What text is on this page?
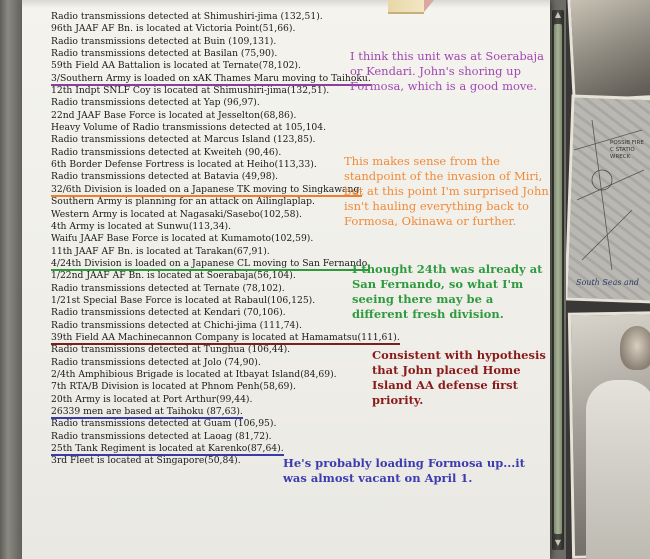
Radio transmissions detected at Shimushiri-jima (132,51).
96th JAAF AF Bn. is located at Victoria Point(51,66).
Radio transmissions detected at Buin (109,131).
Radio transmissions detected at Basilan (75,90).
59th Field AA Battalion is located at Ternate(78,102).
3/Southern Army is loaded on xAK Thames Maru moving to Taihoku.
12th Indpt SNLF Coy is located at Shimushiri-jima(132,51).
Radio transmissions detected at Yap (96,97).
22nd JAAF Base Force is located at Jesselton(68,86).
Heavy Volume of Radio transmissions detected at 105,104.
Radio transmissions detected at Marcus Island (123,85).
Radio transmissions detected at Kweiteh (90,46).
6th Border Defense Fortress is located at Heiho(113,33).
Radio transmissions detected at Batavia (49,98).
32/6th Division is loaded on a Japanese TK moving to Singkawang.
Southern Army is planning for an attack on Ailinglaplap.
Western Army is located at Nagasaki/Sasebo(102,58).
4th Army is located at Sunwu(113,34).
Waifu JAAF Base Force is located at Kumamoto(102,59).
11th JAAF AF Bn. is located at Tarakan(67,91).
4/24th Division is loaded on a Japanese CL moving to San Fernando.
1/22nd JAAF AF Bn. is located at Soerabaja(56,104).
Radio transmissions detected at Ternate (78,102).
1/21st Special Base Force is located at Rabaul(106,125).
Radio transmissions detected at Kendari (70,106).
Radio transmissions detected at Chichi-jima (111,74).
39th Field AA Machinecannon Company is located at Hamamatsu(111,61).
Radio transmissions detected at Tunghua (106,44).
Radio transmissions detected at Jolo (74,90).
2/4th Amphibious Brigade is located at Itbayat Island(84,69).
7th RTA/B Division is located at Phnom Penh(58,69).
20th Army is located at Port Arthur(99,44).
26339 men are based at Taihoku (87,63).
Radio transmissions detected at Guam (106,95).
Radio transmissions detected at Laoag (81,72).
25th Tank Regiment is located at Karenko(87,64).
3rd Fleet is located at Singapore(50,84).
I think this unit was at Soerabaja or Kendari. John's shoring up Formosa, which is a good move.
This makes sense from the standpoint of the invasion of Miri, but at this point I'm surprised John isn't hauling everything back to Formosa, Okinawa or further.
I thought 24th was already at San Fernando, so what I'm seeing there may be a different fresh division.
Consistent with hypothesis that John placed Home Island AA defense first priority.
He's probably loading Formosa up...it was almost vacant on April 1.
▲
▼
POSSIB FIRE C STATIO WRECK
South Seas and
